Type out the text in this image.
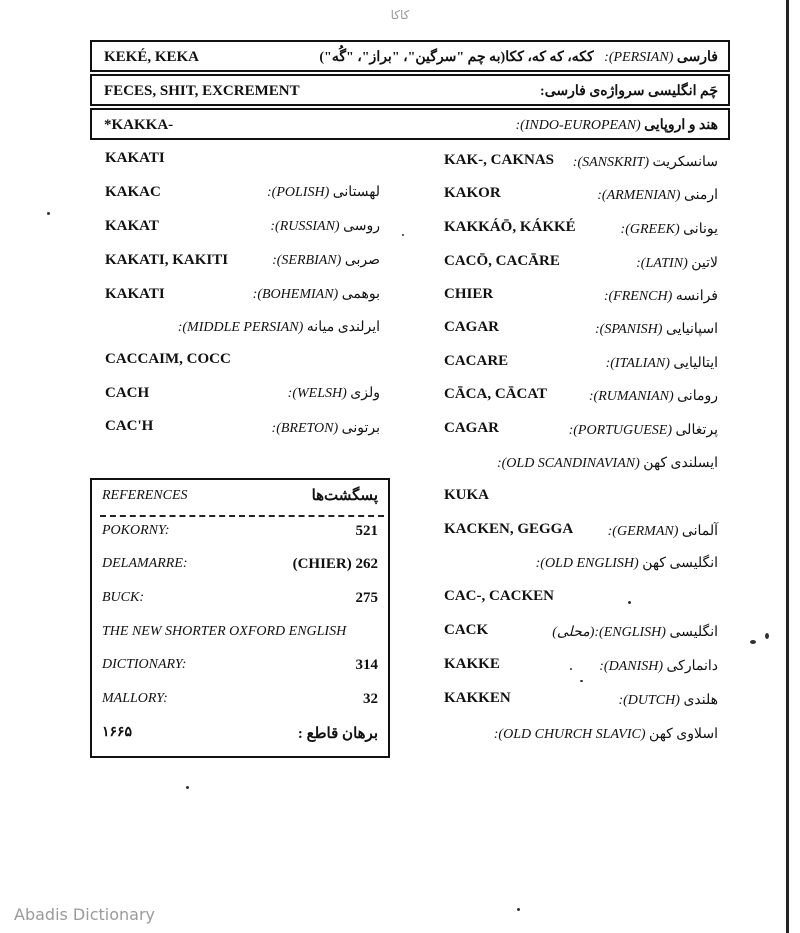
کاکا
KEKÉ, KEKA	فارسی (PERSIAN):   ککه، که که، ککا(به چم "سرگین"، "براز"، "گُه")
FECES, SHIT, EXCREMENT	چَم انگلیسی سرواژه‌ی فارسی:
*KAKKA-	هند و اروپایی (INDO-EUROPEAN):
KAKATI
KAKAC	لهستانی (POLISH):
KAKAT	روسی (RUSSIAN):
KAKATI, KAKITI	صربی (SERBIAN):
KAKATI	بوهمی (BOHEMIAN):
ایرلندی میانه (MIDDLE PERSIAN):
CACCAIM, COCC
CACH	ولزی (WELSH):
CAC'H	برتونی (BRETON):
KAK-, CAKNAS	سانسکریت (SANSKRIT):
KAKOR	ارمنی (ARMENIAN):
KAKKÁŌ, KÁKKÉ	یونانی (GREEK):
CACŌ, CACĀRE	لاتین (LATIN):
CHIER	فرانسه (FRENCH):
CAGAR	اسپانیایی (SPANISH):
CACARE	ایتالیایی (ITALIAN):
CĀCA, CĀCAT	رومانی (RUMANIAN):
CAGAR	پرتغالی (PORTUGUESE):
ایسلندی کهن (OLD SCANDINAVIAN):
KUKA
KACKEN, GEGGA	آلمانی (GERMAN):
انگلیسی کهن (OLD ENGLISH):
CAC-, CACKEN
CACK	انگلیسی (ENGLISH):(محلی)
KAKKE	دانمارکی (DANISH):
KAKKEN	هلندی (DUTCH):
اسلاوی کهن (OLD CHURCH SLAVIC):
REFERENCES	پسگشت‌ها
POKORNY:	521
DELAMARRE:	(CHIER) 262
BUCK:	275
THE NEW SHORTER OXFORD ENGLISH
DICTIONARY:	314
MALLORY:	32
۱۶۶۵	برهان قاطع :
Abadis Dictionary
